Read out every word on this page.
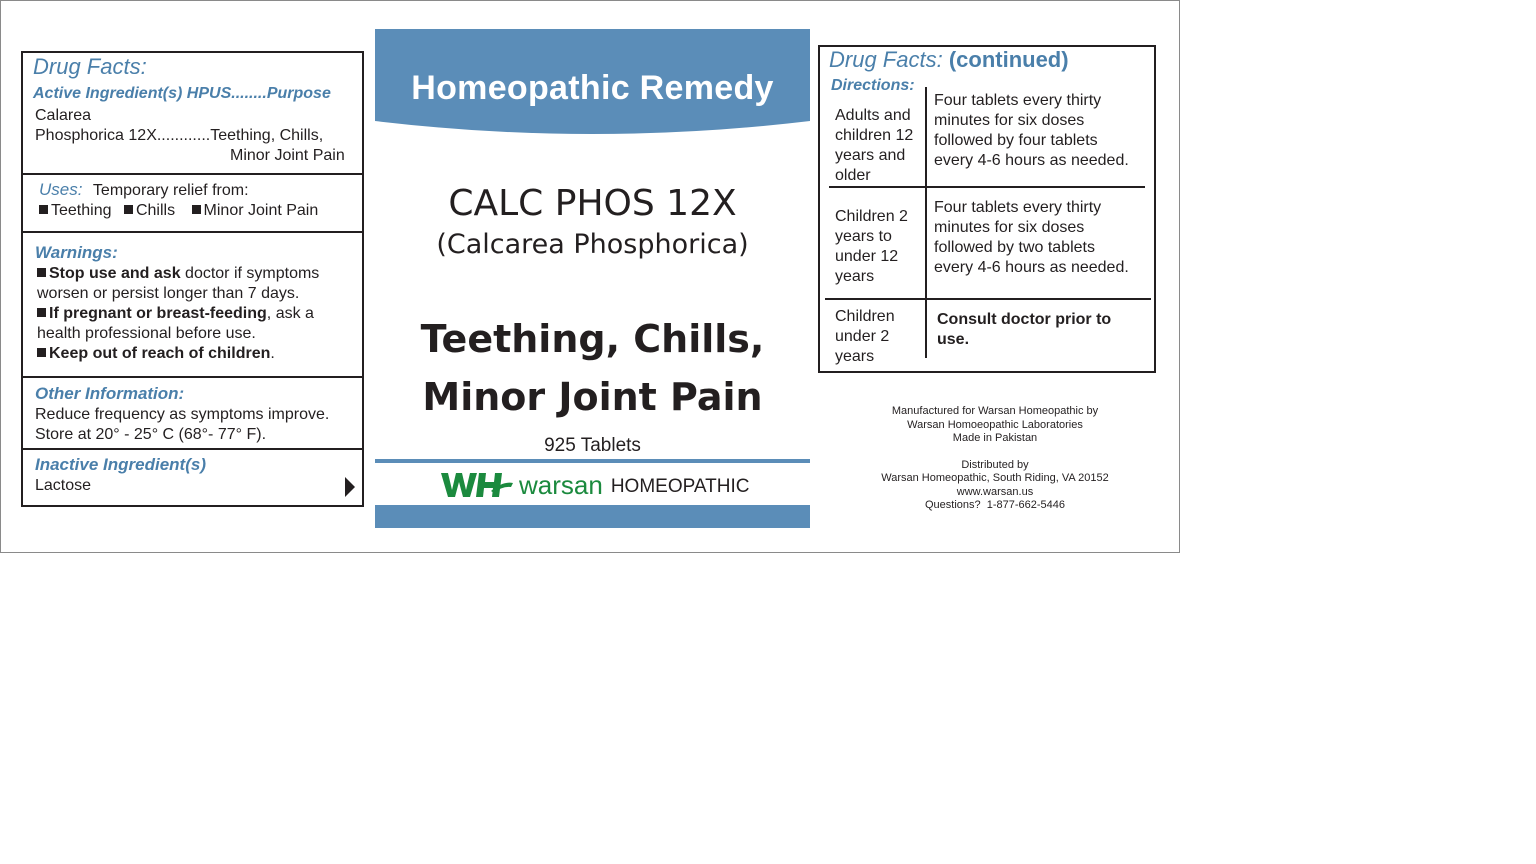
Drug Facts:
Active Ingredient(s) HPUS........Purpose
Calarea
Phosphorica 12X............Teething, Chills,
Minor Joint Pain
Uses: Temporary relief from:
Teething Chills Minor Joint Pain
Warnings:
Stop use and ask doctor if symptoms
worsen or persist longer than 7 days.
If pregnant or breast-feeding, ask a
health professional before use.
Keep out of reach of children.
Other Information:
Reduce frequency as symptoms improve.
Store at 20° - 25° C (68°- 77° F).
Inactive Ingredient(s)
Lactose
Homeopathic Remedy
CALC PHOS 12X
(Calcarea Phosphorica)
Teething, Chills,
Minor Joint Pain
925 Tablets
warsan HOMEOPATHIC
Drug Facts: (continued)
Directions:
Adults and
children 12
years and
older
Four tablets every thirty
minutes for six doses
followed by four tablets
every 4-6 hours as needed.
Children 2
years to
under 12
years
Four tablets every thirty
minutes for six doses
followed by two tablets
every 4-6 hours as needed.
Children
under 2
years
Consult doctor prior to
use.
Manufactured for Warsan Homeopathic by
Warsan Homoeopathic Laboratories
Made in Pakistan
Distributed by
Warsan Homeopathic, South Riding, VA 20152
www.warsan.us
Questions?  1-877-662-5446
